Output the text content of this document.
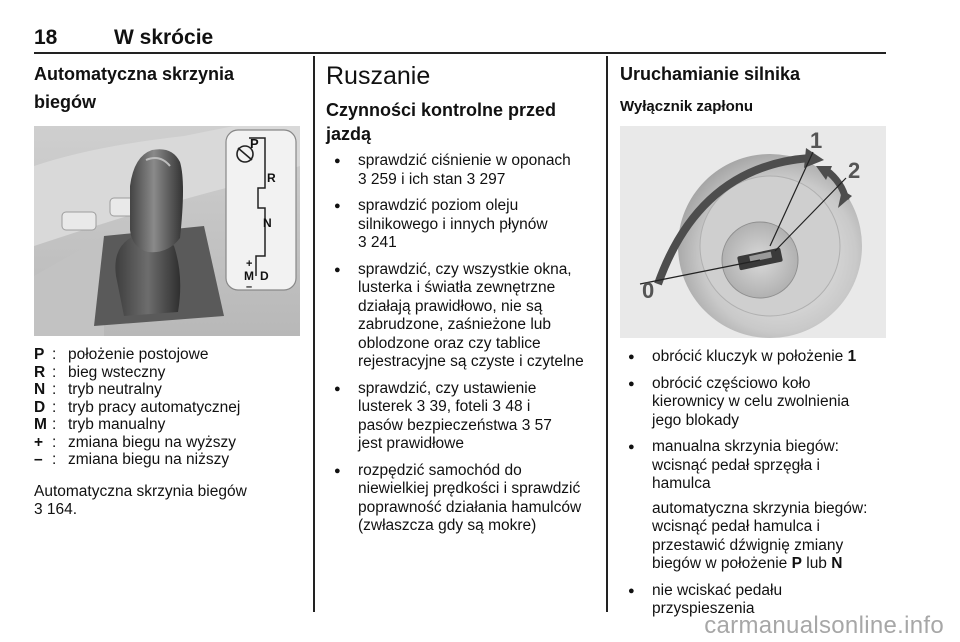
18	W skrócie
Automatyczna skrzynia biegów
P
R
N
+
M D
–
P : położenie postojowe
R : bieg wsteczny
N : tryb neutralny
D : tryb pracy automatycznej
M : tryb manualny
+ : zmiana biegu na wyższy
– : zmiana biegu na niższy
Automatyczna skrzynia biegów
3 164.
Ruszanie
Czynności kontrolne przed jazdą
● sprawdzić ciśnienie w oponach
3 259 i ich stan 3 297
● sprawdzić poziom oleju
silnikowego i innych płynów
3 241
● sprawdzić, czy wszystkie okna,
lusterka i światła zewnętrzne
działają prawidłowo, nie są
zabrudzone, zaśnieżone lub
oblodzone oraz czy tablice
rejestracyjne są czyste i czytelne
● sprawdzić, czy ustawienie
lusterek 3 39, foteli 3 48 i
pasów bezpieczeństwa 3 57
jest prawidłowe
● rozpędzić samochód do
niewielkiej prędkości i sprawdzić
poprawność działania hamulców
(zwłaszcza gdy są mokre)
Uruchamianie silnika
Wyłącznik zapłonu
0
1
2
● obrócić kluczyk w położenie 1
● obrócić częściowo koło
kierownicy w celu zwolnienia
jego blokady
● manualna skrzynia biegów:
wcisnąć pedał sprzęgła i
hamulca
automatyczna skrzynia biegów:
wcisnąć pedał hamulca i
przestawić dźwignię zmiany
biegów w położenie P lub N
● nie wciskać pedału
przyspieszenia
carmanualsonline.info
